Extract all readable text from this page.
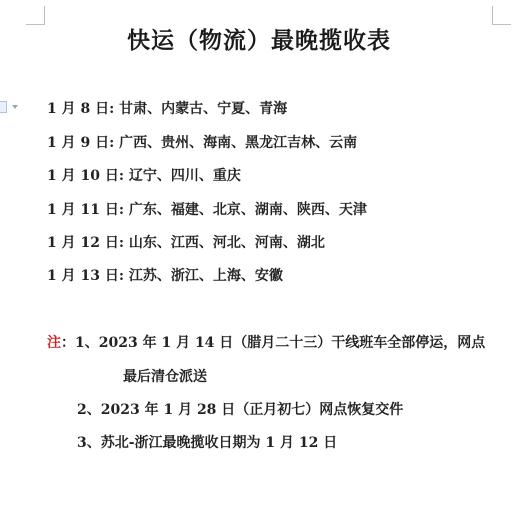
快运（物流）最晚揽收表
1 月 8 日: 甘肃、内蒙古、宁夏、青海
1 月 9 日: 广西、贵州、海南、黑龙江吉林、云南
1 月 10 日: 辽宁、四川、重庆
1 月 11 日: 广东、福建、北京、湖南、陕西、天津
1 月 12 日: 山东、江西、河北、河南、湖北
1 月 13 日: 江苏、浙江、上海、安徽
注：1、2023 年 1 月 14 日（腊月二十三）干线班车全部停运，网点
最后清仓派送
2、2023 年 1 月 28 日（正月初七）网点恢复交件
3、苏北-浙江最晚揽收日期为 1 月 12 日
